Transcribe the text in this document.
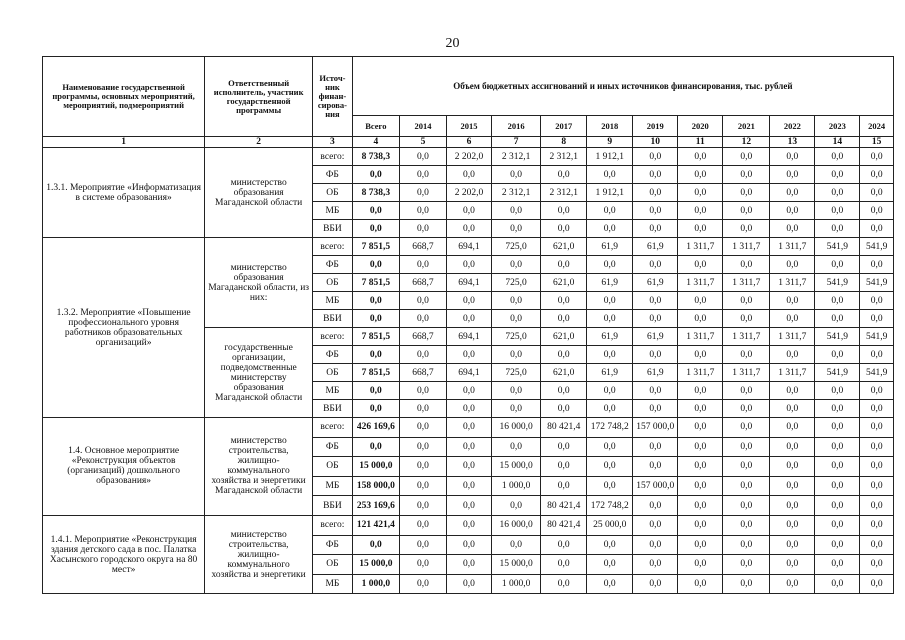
20
Наименование государственной программы, основных мероприятий, мероприятий, подмероприятий	Ответственный исполнитель, участник государственной программы	Источ-ник финан-сирова-ния	Объем бюджетных ассигнований и иных источников финансирования, тыс. рублей											
			Всего	2014	2015	2016	2017	2018	2019	2020	2021	2022	2023	2024
1	2	3	4	5	6	7	8	9	10	11	12	13	14	15
1.3.1. Мероприятие «Информатизация в системе образования»	министерство образования Магаданской области	всего:	8 738,3	0,0	2 202,0	2 312,1	2 312,1	1 912,1	0,0	0,0	0,0	0,0	0,0	0,0
		ФБ	0,0	0,0	0,0	0,0	0,0	0,0	0,0	0,0	0,0	0,0	0,0	0,0
		ОБ	8 738,3	0,0	2 202,0	2 312,1	2 312,1	1 912,1	0,0	0,0	0,0	0,0	0,0	0,0
		МБ	0,0	0,0	0,0	0,0	0,0	0,0	0,0	0,0	0,0	0,0	0,0	0,0
		ВБИ	0,0	0,0	0,0	0,0	0,0	0,0	0,0	0,0	0,0	0,0	0,0	0,0
1.3.2. Мероприятие «Повышение профессионального уровня работников образовательных организаций»	министерство образования Магаданской области, из них:	всего:	7 851,5	668,7	694,1	725,0	621,0	61,9	61,9	1 311,7	1 311,7	1 311,7	541,9	541,9
		ФБ	0,0	0,0	0,0	0,0	0,0	0,0	0,0	0,0	0,0	0,0	0,0	0,0
		ОБ	7 851,5	668,7	694,1	725,0	621,0	61,9	61,9	1 311,7	1 311,7	1 311,7	541,9	541,9
		МБ	0,0	0,0	0,0	0,0	0,0	0,0	0,0	0,0	0,0	0,0	0,0	0,0
		ВБИ	0,0	0,0	0,0	0,0	0,0	0,0	0,0	0,0	0,0	0,0	0,0	0,0
	государственные организации, подведомственные министерству образования Магаданской области	всего:	7 851,5	668,7	694,1	725,0	621,0	61,9	61,9	1 311,7	1 311,7	1 311,7	541,9	541,9
		ФБ	0,0	0,0	0,0	0,0	0,0	0,0	0,0	0,0	0,0	0,0	0,0	0,0
		ОБ	7 851,5	668,7	694,1	725,0	621,0	61,9	61,9	1 311,7	1 311,7	1 311,7	541,9	541,9
		МБ	0,0	0,0	0,0	0,0	0,0	0,0	0,0	0,0	0,0	0,0	0,0	0,0
		ВБИ	0,0	0,0	0,0	0,0	0,0	0,0	0,0	0,0	0,0	0,0	0,0	0,0
1.4. Основное мероприятие «Реконструкция объектов (организаций) дошкольного образования»	министерство строительства, жилищно-коммунального хозяйства и энергетики Магаданской области	всего:	426 169,6	0,0	0,0	16 000,0	80 421,4	172 748,2	157 000,0	0,0	0,0	0,0	0,0	0,0
		ФБ	0,0	0,0	0,0	0,0	0,0	0,0	0,0	0,0	0,0	0,0	0,0	0,0
		ОБ	15 000,0	0,0	0,0	15 000,0	0,0	0,0	0,0	0,0	0,0	0,0	0,0	0,0
		МБ	158 000,0	0,0	0,0	1 000,0	0,0	0,0	157 000,0	0,0	0,0	0,0	0,0	0,0
		ВБИ	253 169,6	0,0	0,0	0,0	80 421,4	172 748,2	0,0	0,0	0,0	0,0	0,0	0,0
1.4.1. Мероприятие «Реконструкция здания детского сада в пос. Палатка Хасынского городского округа на 80 мест»	министерство строительства, жилищно-коммунального хозяйства и энергетики	всего:	121 421,4	0,0	0,0	16 000,0	80 421,4	25 000,0	0,0	0,0	0,0	0,0	0,0	0,0
		ФБ	0,0	0,0	0,0	0,0	0,0	0,0	0,0	0,0	0,0	0,0	0,0	0,0
		ОБ	15 000,0	0,0	0,0	15 000,0	0,0	0,0	0,0	0,0	0,0	0,0	0,0	0,0
		МБ	1 000,0	0,0	0,0	1 000,0	0,0	0,0	0,0	0,0	0,0	0,0	0,0	0,0
